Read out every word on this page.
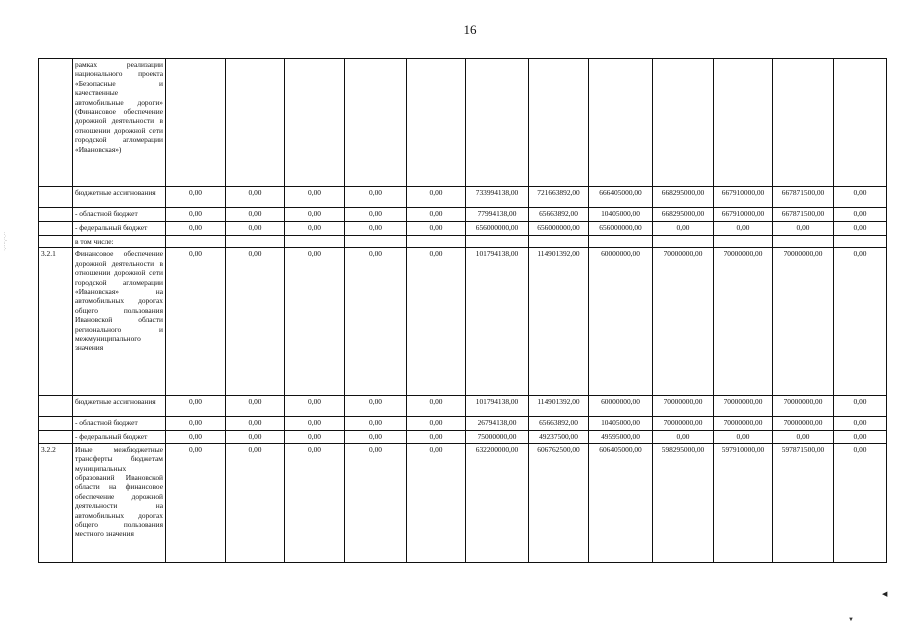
16
·.····,··.··
◀
▼
	рамках реализации национального проекта «Безопасные и качественные автомобильные дороги» (Финансовое обеспечение дорожной деятельности в отношении дорожной сети городской агломерации «Ивановская»)												
	бюджетные ассигнования	0,00	0,00	0,00	0,00	0,00	733994138,00	721663892,00	666405000,00	668295000,00	667910000,00	667871500,00	0,00
	- областной бюджет	0,00	0,00	0,00	0,00	0,00	77994138,00	65663892,00	10405000,00	668295000,00	667910000,00	667871500,00	0,00
	- федеральный бюджет	0,00	0,00	0,00	0,00	0,00	656000000,00	656000000,00	656000000,00	0,00	0,00	0,00	0,00
	в том числе:												
3.2.1	Финансовое обеспечение дорожной деятельности в отношении дорожной сети городской агломерации «Ивановская» на автомобильных дорогах общего пользования Ивановской области регионального и межмуниципального значения	0,00	0,00	0,00	0,00	0,00	101794138,00	114901392,00	60000000,00	70000000,00	70000000,00	70000000,00	0,00
	бюджетные ассигнования	0,00	0,00	0,00	0,00	0,00	101794138,00	114901392,00	60000000,00	70000000,00	70000000,00	70000000,00	0,00
	- областной бюджет	0,00	0,00	0,00	0,00	0,00	26794138,00	65663892,00	10405000,00	70000000,00	70000000,00	70000000,00	0,00
	- федеральный бюджет	0,00	0,00	0,00	0,00	0,00	75000000,00	49237500,00	49595000,00	0,00	0,00	0,00	0,00
3.2.2	Иные межбюджетные трансферты бюджетам муниципальных образований Ивановской области на финансовое обеспечение дорожной деятельности на автомобильных дорогах общего пользования местного значения	0,00	0,00	0,00	0,00	0,00	632200000,00	606762500,00	606405000,00	598295000,00	597910000,00	597871500,00	0,00
